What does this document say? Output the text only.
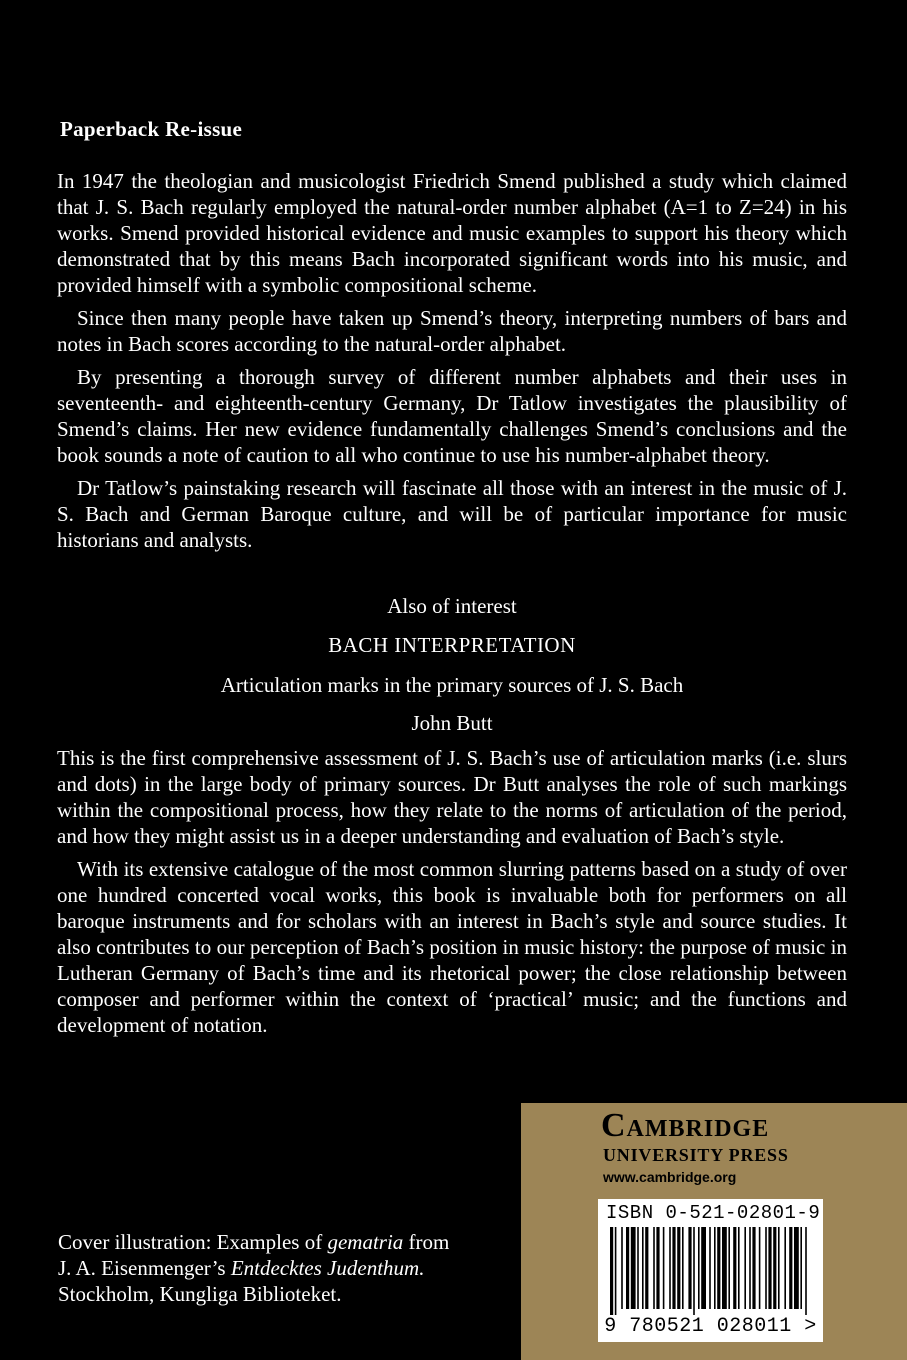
Paperback Re-issue

In 1947 the theologian and musicologist Friedrich Smend published a study which claimed that J. S. Bach regularly employed the natural-order number alphabet (A=1 to Z=24) in his works. Smend provided historical evidence and music examples to support his theory which demonstrated that by this means Bach incorporated significant words into his music, and provided himself with a symbolic compositional scheme.

Since then many people have taken up Smend’s theory, interpreting numbers of bars and notes in Bach scores according to the natural-order alphabet.

By presenting a thorough survey of different number alphabets and their uses in seventeenth- and eighteenth-century Germany, Dr Tatlow investigates the plausibility of Smend’s claims. Her new evidence fundamentally challenges Smend’s conclusions and the book sounds a note of caution to all who continue to use his number-alphabet theory.

Dr Tatlow’s painstaking research will fascinate all those with an interest in the music of J. S. Bach and German Baroque culture, and will be of particular importance for music historians and analysts.

Also of interest
BACH INTERPRETATION
Articulation marks in the primary sources of J. S. Bach
John Butt

This is the first comprehensive assessment of J. S. Bach’s use of articulation marks (i.e. slurs and dots) in the large body of primary sources. Dr Butt analyses the role of such markings within the compositional process, how they relate to the norms of articulation of the period, and how they might assist us in a deeper understanding and evaluation of Bach’s style.

With its extensive catalogue of the most common slurring patterns based on a study of over one hundred concerted vocal works, this book is invaluable both for performers on all baroque instruments and for scholars with an interest in Bach’s style and source studies. It also contributes to our perception of Bach’s position in music history: the purpose of music in Lutheran Germany of Bach’s time and its rhetorical power; the close relationship between composer and performer within the context of ‘practical’ music; and the functions and development of notation.

Cover illustration: Examples of gematria from
J. A. Eisenmenger’s Entdecktes Judenthum.
Stockholm, Kungliga Biblioteket.
Cambridge
UNIVERSITY PRESS
www.cambridge.org
ISBN 0-521-02801-9
9 780521 028011 >
